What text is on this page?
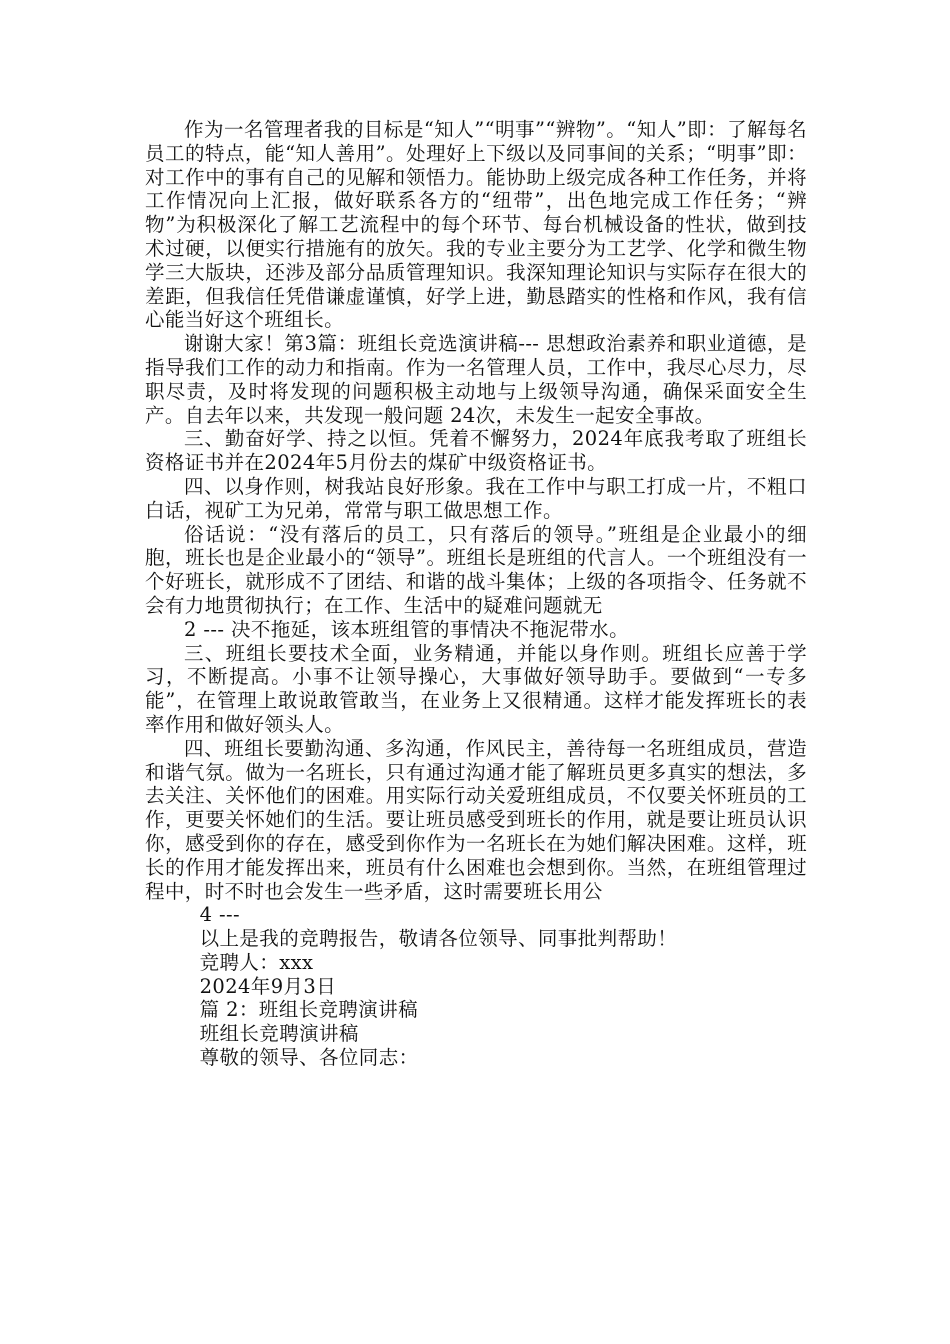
作为一名管理者我的目标是“知人”“明事”“辨物”。“知人”即：了解每名员工的特点，能“知人善用”。处理好上下级以及同事间的关系；“明事”即：对工作中的事有自己的见解和领悟力。能协助上级完成各种工作任务，并将工作情况向上汇报，做好联系各方的“纽带”，出色地完成工作任务；“辨物”为积极深化了解工艺流程中的每个环节、每台机械设备的性状，做到技术过硬，以便实行措施有的放矢。我的专业主要分为工艺学、化学和微生物学三大版块，还涉及部分品质管理知识。我深知理论知识与实际存在很大的差距，但我信任凭借谦虚谨慎，好学上进，勤恳踏实的性格和作风，我有信心能当好这个班组长。

谢谢大家！第3篇：班组长竞选演讲稿--- 思想政治素养和职业道德，是指导我们工作的动力和指南。作为一名管理人员，工作中，我尽心尽力，尽职尽责，及时将发现的问题积极主动地与上级领导沟通，确保采面安全生产。自去年以来，共发现一般问题 24次，未发生一起安全事故。

三、勤奋好学、持之以恒。凭着不懈努力，2024年底我考取了班组长资格证书并在2024年5月份去的煤矿中级资格证书。

四、以身作则，树我站良好形象。我在工作中与职工打成一片，不粗口白话，视矿工为兄弟，常常与职工做思想工作。

俗话说：“没有落后的员工，只有落后的领导。”班组是企业最小的细胞，班长也是企业最小的“领导”。班组长是班组的代言人。一个班组没有一个好班长，就形成不了团结、和谐的战斗集体；上级的各项指令、任务就不会有力地贯彻执行；在工作、生活中的疑难问题就无

2 --- 决不拖延，该本班组管的事情决不拖泥带水。

三、班组长要技术全面，业务精通，并能以身作则。班组长应善于学习，不断提高。小事不让领导操心，大事做好领导助手。要做到“一专多能”，在管理上敢说敢管敢当，在业务上又很精通。这样才能发挥班长的表率作用和做好领头人。

四、班组长要勤沟通、多沟通，作风民主，善待每一名班组成员，营造和谐气氛。做为一名班长，只有通过沟通才能了解班员更多真实的想法，多去关注、关怀他们的困难。用实际行动关爱班组成员，不仅要关怀班员的工作，更要关怀她们的生活。要让班员感受到班长的作用，就是要让班员认识你，感受到你的存在，感受到你作为一名班长在为她们解决困难。这样，班长的作用才能发挥出来，班员有什么困难也会想到你。当然，在班组管理过程中，时不时也会发生一些矛盾，这时需要班长用公

4 ---

以上是我的竞聘报告，敬请各位领导、同事批判帮助！

竞聘人：xxx

2024年9月3日

篇 2：班组长竞聘演讲稿

班组长竞聘演讲稿

尊敬的领导、各位同志：
